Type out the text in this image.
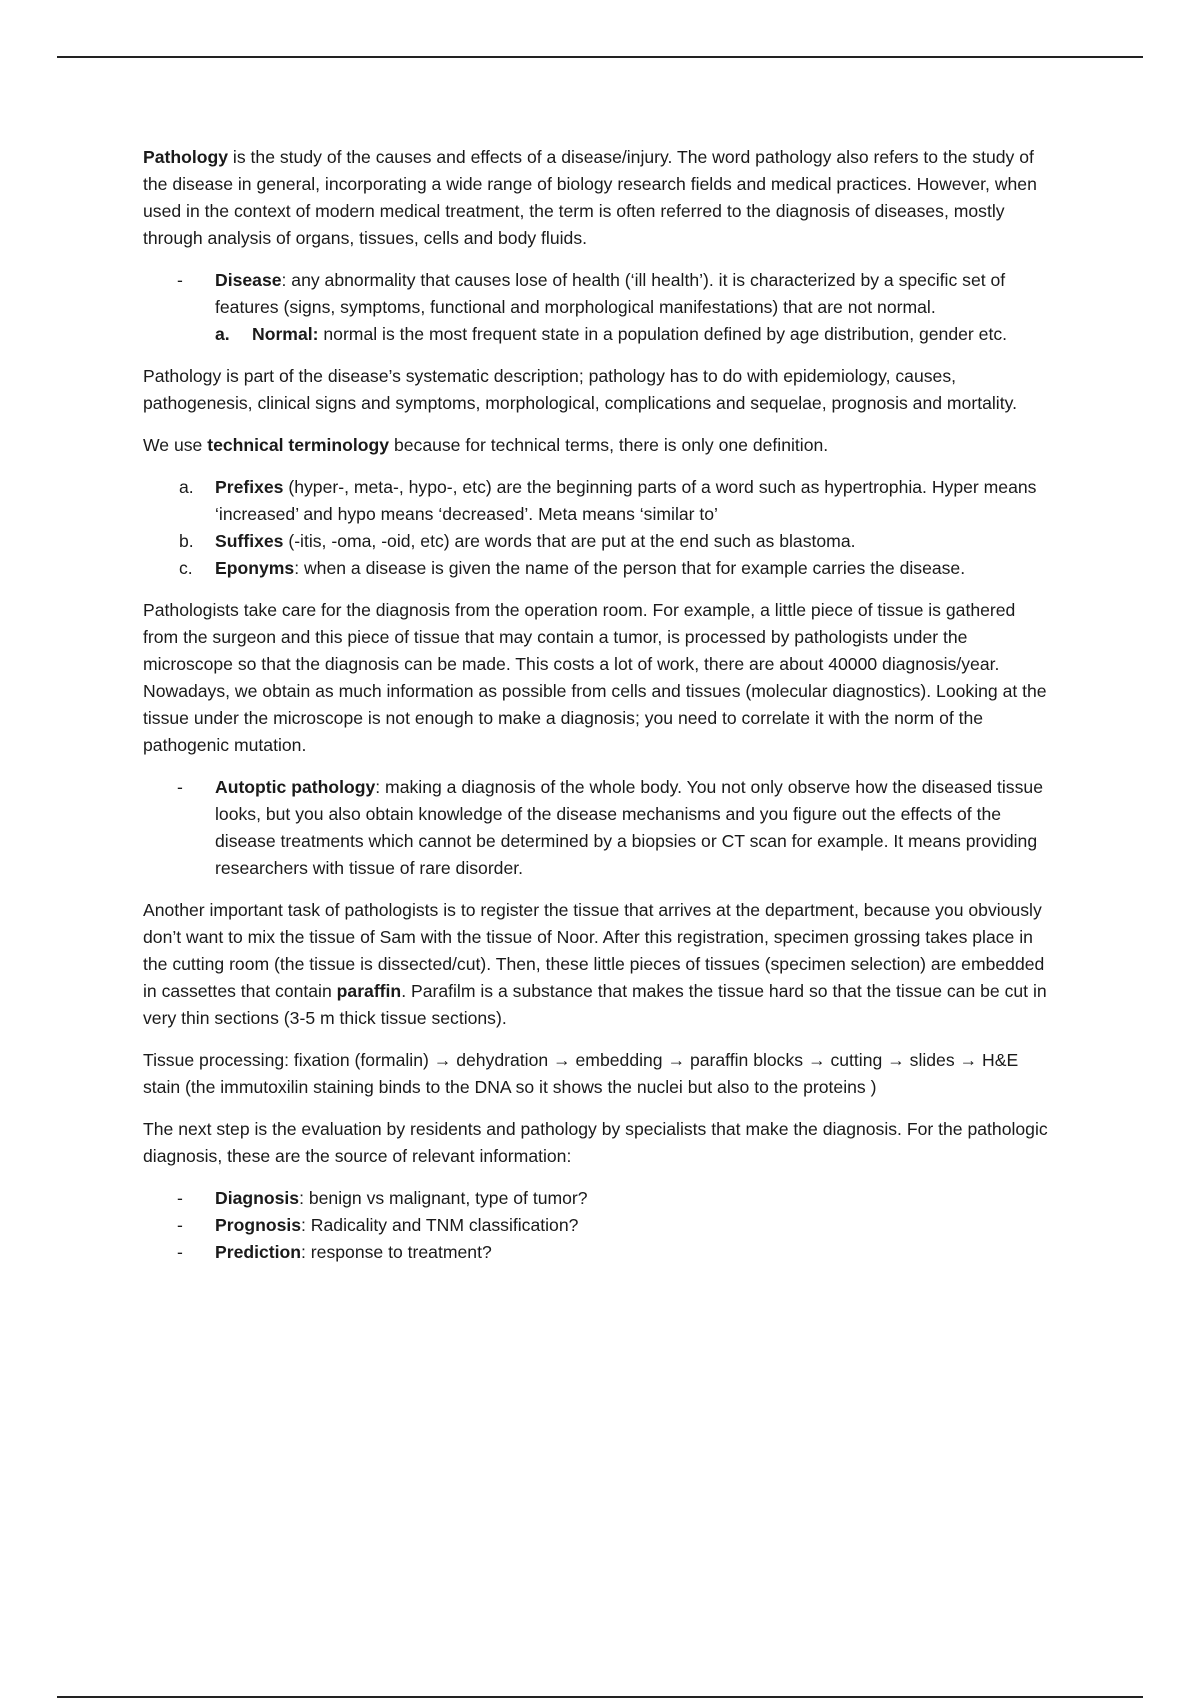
Pathology is the study of the causes and effects of a disease/injury. The word pathology also refers to the study of the disease in general, incorporating a wide range of biology research fields and medical practices. However, when used in the context of modern medical treatment, the term is often referred to the diagnosis of diseases, mostly through analysis of organs, tissues, cells and body fluids.

- Disease: any abnormality that causes lose of health (‘ill health’). it is characterized by a specific set of features (signs, symptoms, functional and morphological manifestations) that are not normal.
a. Normal: normal is the most frequent state in a population defined by age distribution, gender etc.

Pathology is part of the disease’s systematic description; pathology has to do with epidemiology, causes, pathogenesis, clinical signs and symptoms, morphological, complications and sequelae, prognosis and mortality.

We use technical terminology because for technical terms, there is only one definition.

a. Prefixes (hyper-, meta-, hypo-, etc) are the beginning parts of a word such as hypertrophia. Hyper means ‘increased’ and hypo means ‘decreased’. Meta means ‘similar to’
b. Suffixes (-itis, -oma, -oid, etc) are words that are put at the end such as blastoma.
c. Eponyms: when a disease is given the name of the person that for example carries the disease.

Pathologists take care for the diagnosis from the operation room. For example, a little piece of tissue is gathered from the surgeon and this piece of tissue that may contain a tumor, is processed by pathologists under the microscope so that the diagnosis can be made. This costs a lot of work, there are about 40000 diagnosis/year. Nowadays, we obtain as much information as possible from cells and tissues (molecular diagnostics). Looking at the tissue under the microscope is not enough to make a diagnosis; you need to correlate it with the norm of the pathogenic mutation.

- Autoptic pathology: making a diagnosis of the whole body. You not only observe how the diseased tissue looks, but you also obtain knowledge of the disease mechanisms and you figure out the effects of the disease treatments which cannot be determined by a biopsies or CT scan for example. It means providing researchers with tissue of rare disorder.

Another important task of pathologists is to register the tissue that arrives at the department, because you obviously don’t want to mix the tissue of Sam with the tissue of Noor. After this registration, specimen grossing takes place in the cutting room (the tissue is dissected/cut). Then, these little pieces of tissues (specimen selection) are embedded in cassettes that contain paraffin. Parafilm is a substance that makes the tissue hard so that the tissue can be cut in very thin sections (3-5 m thick tissue sections).

Tissue processing: fixation (formalin) → dehydration → embedding → paraffin blocks → cutting → slides → H&E stain (the immutoxilin staining binds to the DNA so it shows the nuclei but also to the proteins )

The next step is the evaluation by residents and pathology by specialists that make the diagnosis. For the pathologic diagnosis, these are the source of relevant information:

- Diagnosis: benign vs malignant, type of tumor?
- Prognosis: Radicality and TNM classification?
- Prediction: response to treatment?
